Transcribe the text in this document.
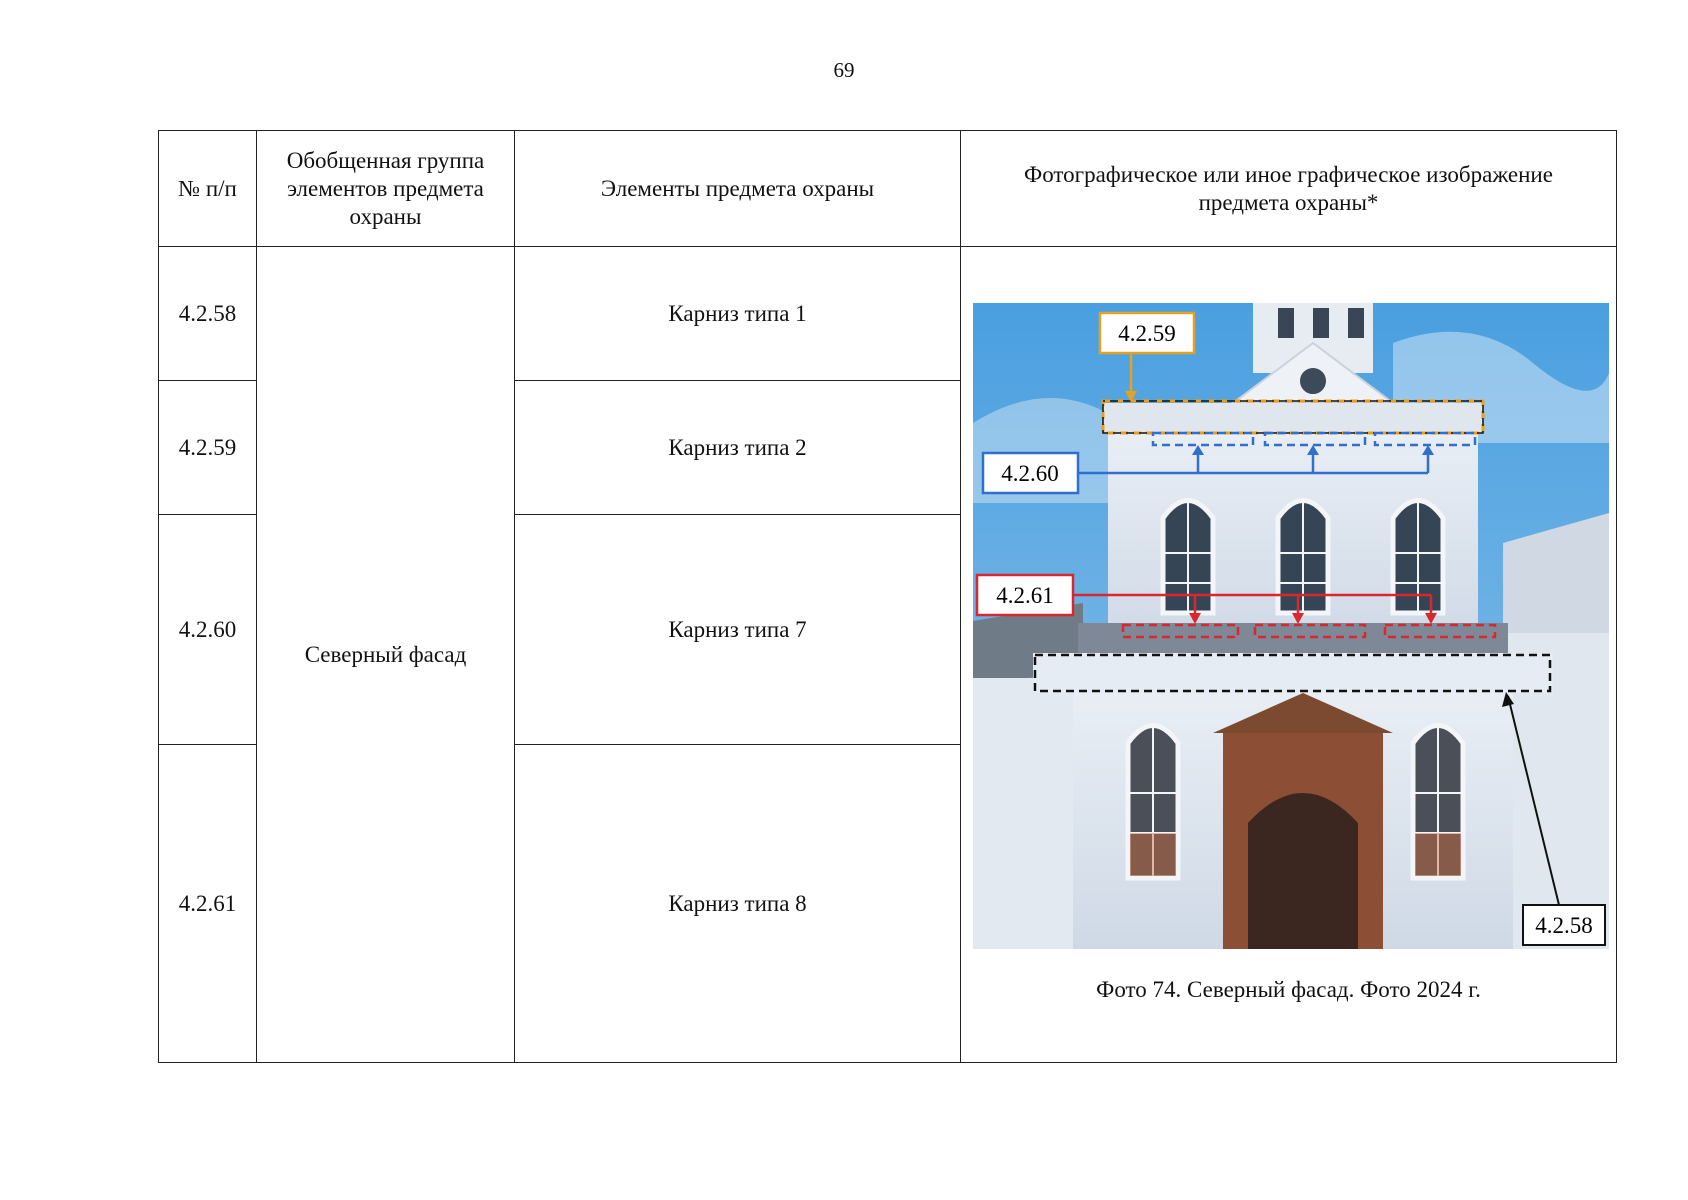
69
№ п/п	Обобщенная группа элементов предмета охраны	Элементы предмета охраны	Фотографическое или иное графическое изображение предмета охраны*
4.2.58	Северный фасад	Карниз типа 1	4.2.59
4.2.60
4.2.61
4.2.58
Фото 74. Северный фасад. Фото 2024 г.

4.2.59		Карниз типа 2	
4.2.60		Карниз типа 7	
4.2.61		Карниз типа 8	
